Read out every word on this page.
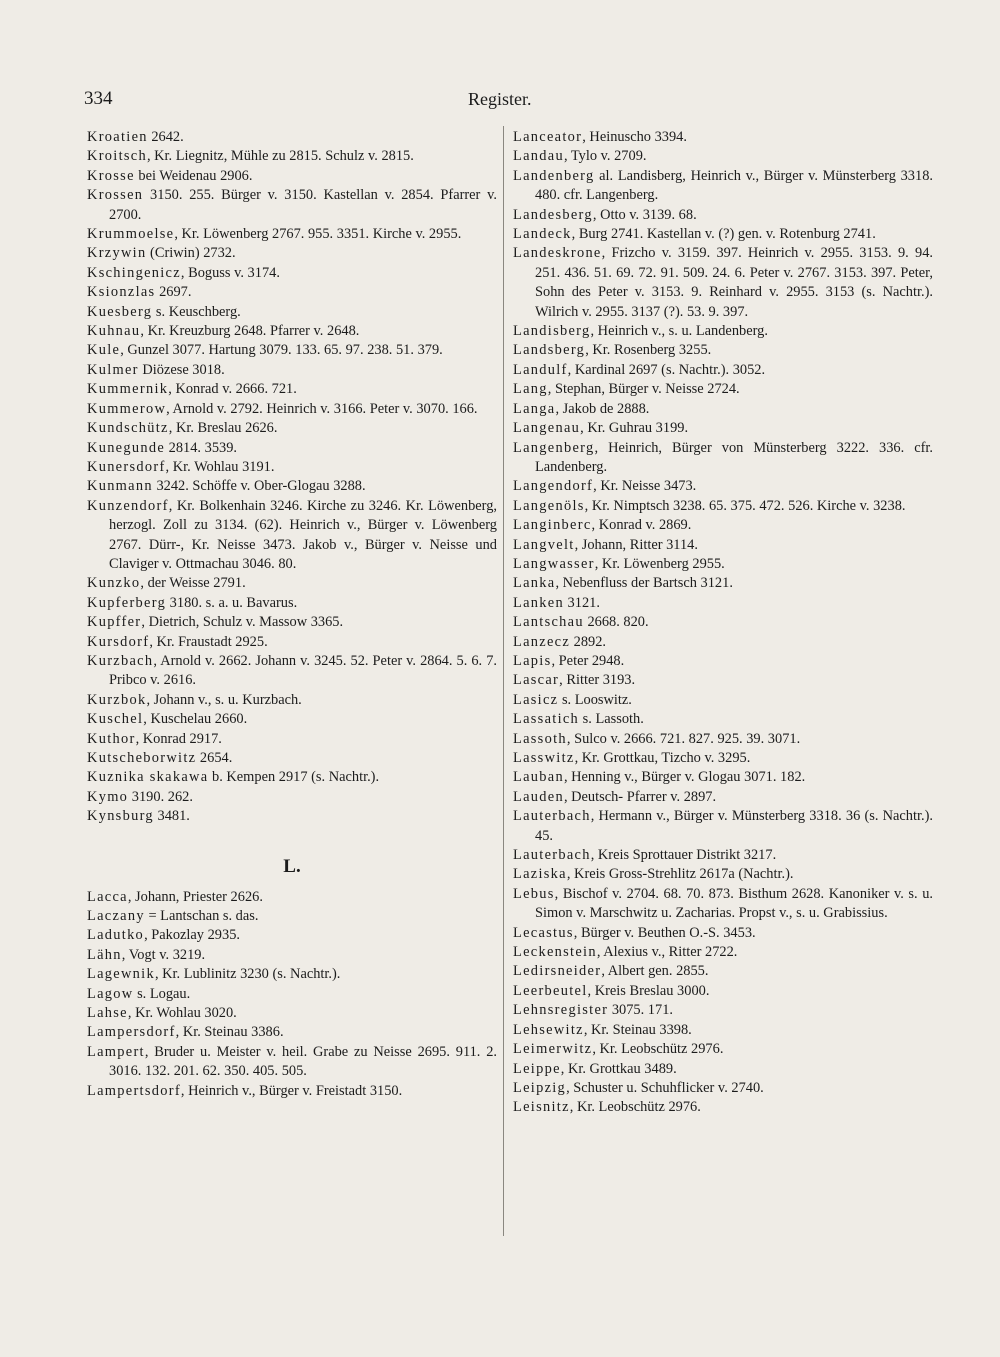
334	Register.
Kroatien 2642.
Kroitsch, Kr. Liegnitz, Mühle zu 2815. Schulz v. 2815.
Krosse bei Weidenau 2906.
Krossen 3150. 255. Bürger v. 3150. Kastellan v. 2854. Pfarrer v. 2700.
Krummoelse, Kr. Löwenberg 2767. 955. 3351. Kirche v. 2955.
Krzywin (Criwin) 2732.
Kschingenicz, Boguss v. 3174.
Ksionzlas 2697.
Kuesberg s. Keuschberg.
Kuhnau, Kr. Kreuzburg 2648. Pfarrer v. 2648.
Kule, Gunzel 3077. Hartung 3079. 133. 65. 97. 238. 51. 379.
Kulmer Diözese 3018.
Kummernik, Konrad v. 2666. 721.
Kummerow, Arnold v. 2792. Heinrich v. 3166. Peter v. 3070. 166.
Kundschütz, Kr. Breslau 2626.
Kunegunde 2814. 3539.
Kunersdorf, Kr. Wohlau 3191.
Kunmann 3242. Schöffe v. Ober-Glogau 3288.
Kunzendorf, Kr. Bolkenhain 3246. Kirche zu 3246. Kr. Löwenberg, herzogl. Zoll zu 3134. (62). Heinrich v., Bürger v. Löwenberg 2767. Dürr-, Kr. Neisse 3473. Jakob v., Bürger v. Neisse und Claviger v. Ottmachau 3046. 80.
Kunzko, der Weisse 2791.
Kupferberg 3180. s. a. u. Bavarus.
Kupffer, Dietrich, Schulz v. Massow 3365.
Kursdorf, Kr. Fraustadt 2925.
Kurzbach, Arnold v. 2662. Johann v. 3245. 52. Peter v. 2864. 5. 6. 7. Pribco v. 2616.
Kurzbok, Johann v., s. u. Kurzbach.
Kuschel, Kuschelau 2660.
Kuthor, Konrad 2917.
Kutscheborwitz 2654.
Kuznika skakawa b. Kempen 2917 (s. Nachtr.).
Kymo 3190. 262.
Kynsburg 3481.
L.
Lacca, Johann, Priester 2626.
Laczany = Lantschan s. das.
Ladutko, Pakozlay 2935.
Lähn, Vogt v. 3219.
Lagewnik, Kr. Lublinitz 3230 (s. Nachtr.).
Lagow s. Logau.
Lahse, Kr. Wohlau 3020.
Lampersdorf, Kr. Steinau 3386.
Lampert, Bruder u. Meister v. heil. Grabe zu Neisse 2695. 911. 2. 3016. 132. 201. 62. 350. 405. 505.
Lampertsdorf, Heinrich v., Bürger v. Freistadt 3150.
Lanceator, Heinuscho 3394.
Landau, Tylo v. 2709.
Landenberg al. Landisberg, Heinrich v., Bürger v. Münsterberg 3318. 480. cfr. Langenberg.
Landesberg, Otto v. 3139. 68.
Landeck, Burg 2741. Kastellan v. (?) gen. v. Rotenburg 2741.
Landeskrone, Frizcho v. 3159. 397. Heinrich v. 2955. 3153. 9. 94. 251. 436. 51. 69. 72. 91. 509. 24. 6. Peter v. 2767. 3153. 397. Peter, Sohn des Peter v. 3153. 9. Reinhard v. 2955. 3153 (s. Nachtr.). Wilrich v. 2955. 3137 (?). 53. 9. 397.
Landisberg, Heinrich v., s. u. Landenberg.
Landsberg, Kr. Rosenberg 3255.
Landulf, Kardinal 2697 (s. Nachtr.). 3052.
Lang, Stephan, Bürger v. Neisse 2724.
Langa, Jakob de 2888.
Langenau, Kr. Guhrau 3199.
Langenberg, Heinrich, Bürger von Münsterberg 3222. 336. cfr. Landenberg.
Langendorf, Kr. Neisse 3473.
Langenöls, Kr. Nimptsch 3238. 65. 375. 472. 526. Kirche v. 3238.
Langinberc, Konrad v. 2869.
Langvelt, Johann, Ritter 3114.
Langwasser, Kr. Löwenberg 2955.
Lanka, Nebenfluss der Bartsch 3121.
Lanken 3121.
Lantschau 2668. 820.
Lanzecz 2892.
Lapis, Peter 2948.
Lascar, Ritter 3193.
Lasicz s. Looswitz.
Lassatich s. Lassoth.
Lassoth, Sulco v. 2666. 721. 827. 925. 39. 3071.
Lasswitz, Kr. Grottkau, Tizcho v. 3295.
Lauban, Henning v., Bürger v. Glogau 3071. 182.
Lauden, Deutsch- Pfarrer v. 2897.
Lauterbach, Hermann v., Bürger v. Münsterberg 3318. 36 (s. Nachtr.). 45.
Lauterbach, Kreis Sprottauer Distrikt 3217.
Laziska, Kreis Gross-Strehlitz 2617a (Nachtr.).
Lebus, Bischof v. 2704. 68. 70. 873. Bisthum 2628. Kanoniker v. s. u. Simon v. Marschwitz u. Zacharias. Propst v., s. u. Grabissius.
Lecastus, Bürger v. Beuthen O.-S. 3453.
Leckenstein, Alexius v., Ritter 2722.
Ledirsneider, Albert gen. 2855.
Leerbeutel, Kreis Breslau 3000.
Lehnsregister 3075. 171.
Lehsewitz, Kr. Steinau 3398.
Leimerwitz, Kr. Leobschütz 2976.
Leippe, Kr. Grottkau 3489.
Leipzig, Schuster u. Schuhflicker v. 2740.
Leisnitz, Kr. Leobschütz 2976.
